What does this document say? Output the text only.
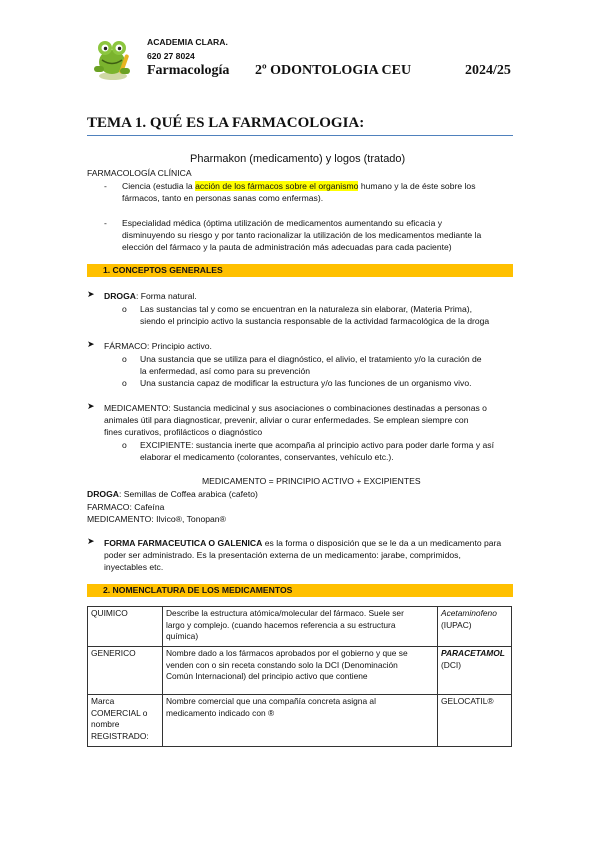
ACADEMIA CLARA.
620 27 8024
Farmacología 2º ODONTOLOGIA CEU	2024/25
TEMA 1. QUÉ ES LA FARMACOLOGIA:
Pharmakon (medicamento) y logos (tratado)
FARMACOLOGÍA CLÍNICA
- Ciencia (estudia la acción de los fármacos sobre el organismo humano y la de éste sobre los
fármacos, tanto en personas sanas como enfermas).
- Especialidad médica (óptima utilización de medicamentos aumentando su eficacia y
disminuyendo su riesgo y por tanto racionalizar la utilización de los medicamentos mediante la
elección del fármaco y la pauta de administración más adecuadas para cada paciente)
1. CONCEPTOS GENERALES
➤ DROGA: Forma natural.
o Las sustancias tal y como se encuentran en la naturaleza sin elaborar, (Materia Prima),
siendo el principio activo la sustancia responsable de la actividad farmacológica de la droga
➤ FÁRMACO: Principio activo.
o Una sustancia que se utiliza para el diagnóstico, el alivio, el tratamiento y/o la curación de
la enfermedad, así como para su prevención
o Una sustancia capaz de modificar la estructura y/o las funciones de un organismo vivo.
➤ MEDICAMENTO: Sustancia medicinal y sus asociaciones o combinaciones destinadas a personas o
animales útil para diagnosticar, prevenir, aliviar o curar enfermedades. Se emplean siempre con
fines curativos, profilácticos o diagnóstico
o EXCIPIENTE: sustancia inerte que acompaña al principio activo para poder darle forma y así
elaborar el medicamento (colorantes, conservantes, vehículo etc.).
MEDICAMENTO = PRINCIPIO ACTIVO + EXCIPIENTES
DROGA: Semillas de Coffea arabica (cafeto)
FARMACO: Cafeína
MEDICAMENTO: Ilvico®, Tonopan®
➤ FORMA FARMACEUTICA O GALENICA es la forma o disposición que se le da a un medicamento para
poder ser administrado. Es la presentación externa de un medicamento: jarabe, comprimidos,
inyectables etc.
2. NOMENCLATURA DE LOS MEDICAMENTOS
QUIMICO	Describe la estructura atómica/molecular del fármaco. Suele ser
largo y complejo. (cuando hacemos referencia a su estructura
química)	Acetaminofeno
(IUPAC)
GENERICO	Nombre dado a los fármacos aprobados por el gobierno y que se
venden con o sin receta constando solo la DCI (Denominación
Común Internacional) del principio activo que contiene	PARACETAMOL (DCI)
Marca
COMERCIAL o
nombre
REGISTRADO:	Nombre comercial que una compañía concreta asigna al
medicamento indicado con ®	GELOCATIL®
